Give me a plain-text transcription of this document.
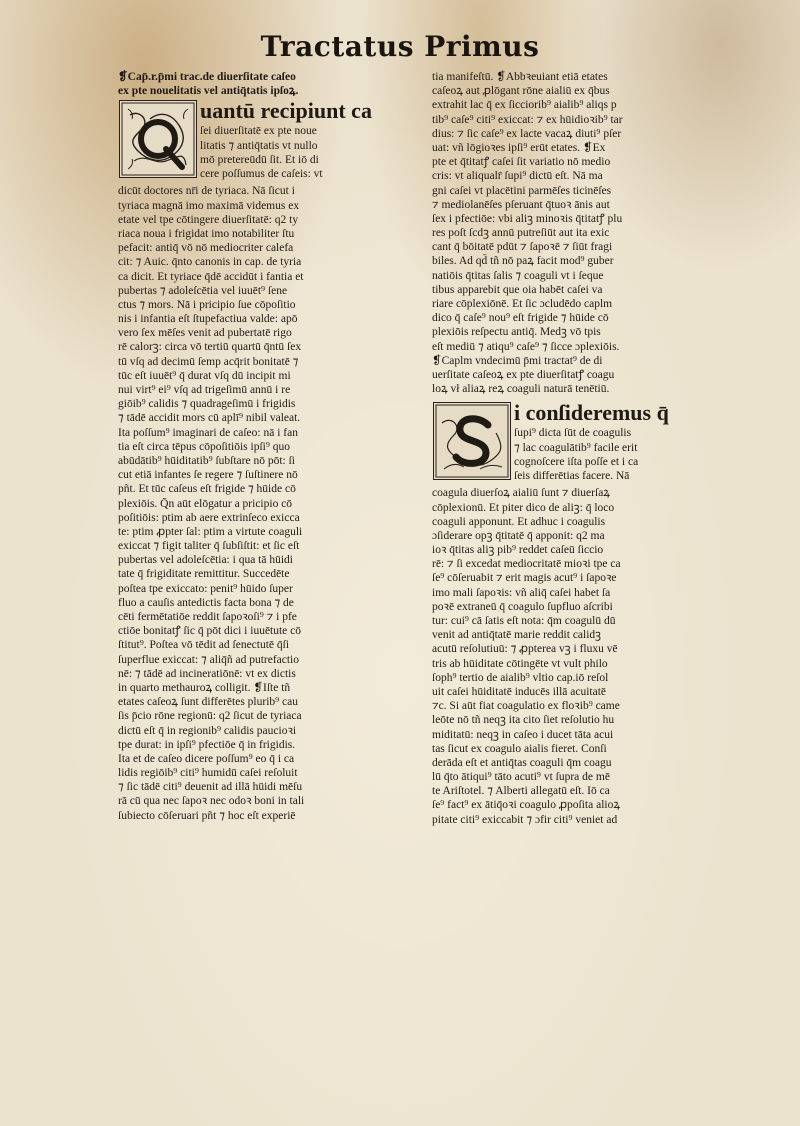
Tractatus Primus
❡Cap̄.r.p̄mi trac.de diuerſitate caſeo
ex pte nouelitatis vel antiq̄tatis ipſoꝝ.
uantū recipiunt ca
ſei diuerſitatē ex pte noue
litatis ⁊ antiq̄tatis vt nullo
mō pretereūdū ſit. Et iō di
cere poſſumus de caſeis: vt
dicūt doctores nr̄i de tyriaca. Nā ſicut i
tyriaca magnā imo maximā videmus ex
etate vel tpe cōtingere diuerſitatē: q2 ty
riaca noua i frigidat imo notabiliter ſtu
pefacit: antiq̄ vō nō mediocriter calefa
cit: ⁊ Auic. q̄nto canonis in cap. de tyria
ca dicit. Et tyriace q̄dē accidūt i fantia et
pubertas ⁊ adoleſcētia vel iuuēt⁹ ſene
ctus ⁊ mors. Nā i pricipio ſue cōpoſitio
nis i infantia eſt ſtupefactiua valde: apō
vero ſex mēſes venit ad pubertatē rigo
rē calorꝫ: circa vō tertiū quartū q̄ntū ſex
tū vſq ad decimū ſemp acq̄rit bonitatē ⁊
tūc eſt iuuēt⁹ q̄ durat vſq dū incipit mi
nui virt⁹ ei⁹ vſq ad trigeſimū annū i re
giōib⁹ calidis ⁊ quadrageſimū i frigidis
⁊ tādē accidit mors cū aplī⁹ nibil valeat.
Ita poſſum⁹ imaginari de caſeo: nā i fan
tia eſt circa tēpus cōpoſitiōis ipſi⁹ quo
abūdātib⁹ hūiditatib⁹ ſubſtare nō pōt: ſi
cut etiā infantes ſe regere ⁊ ſuſtinere nō
pñt. Et tūc caſeus eſt frigide ⁊ hūide cō
plexiōis. Q̄n aūt elōgatur a pricipio cō
poſitiōis: ptim ab aere extrinſeco exicca
te: ptim ꝓpter ſal: ptim a virtute coaguli
exiccat ⁊ figit taliter q̄ ſubſiſtit: et ſic eſt
pubertas vel adoleſcētia: i qua tā hūidi
tate q̄ frigiditate remittitur. Succedēte
poſtea tpe exiccato: penit⁹ hūido ſuper
fluo a cauſis antedictis facta bona ⁊ de
cēti fermētatiōe reddit ſapoꝛoſi⁹ ⁊ i pfe
ctiōe bonitatꝭ ſic q̄ pōt dici i iuuētute cō
ſtitut⁹. Poſtea vō tēdit ad ſenectutē q̄ſi
ſuperflue exiccat: ⁊ aliq̄ñ ad putrefactio
nē: ⁊ tādē ad incineratiōnē: vt ex dictis
in quarto methauroꝝ colligit. ❡Iſte tñ
etates caſeoꝝ ſunt differētes plurib⁹ cau
ſis p̄cio rōne regionū: q2 ſicut de tyriaca
dictū eſt q̄ in regionib⁹ calidis paucioꝛi
tpe durat: in ipſi⁹ pfectiōe q̄ in frigidis.
Ita et de caſeo dicere poſſum⁹ eo q̄ i ca
lidis regiōib⁹ citi⁹ humidū caſei reſoluit
⁊ ſic tādē citi⁹ deuenit ad illā hūidi mēſu
rā cū qua nec ſapoꝛ nec odoꝛ boni in tali
ſubiecto cōſeruari pñt ⁊ hoc eſt experiē
tia manifeſtū. ❡Abbꝛeuiant etiā etates
caſeoꝝ aut ꝓlōgant rōne aialiū ex q̄bus
extrahit lac q̄ ex ſicciorib⁹ aialib⁹ aliqs p
tib⁹ caſe⁹ citi⁹ exiccat: ⁊ ex hūidioꝛib⁹ tar
dius: ⁊ ſic caſe⁹ ex lacte vacaꝝ diuti⁹ pſer
uat: vñ lōgioꝛes ipſi⁹ erūt etates. ❡Ex
pte et q̄titatꝭ caſei ſit variatio nō medio
cris: vt aliqualr̄ ſupi⁹ dictū eſt. Nā ma
gni caſei vt placētini parmēſes ticinēſes
⁊ mediolanēſes pſeruant q̄tuoꝛ ānis aut
ſex i pfectiōe: vbi aliꝫ minoꝛis q̄titatꝭ plu
res poſt ſcdꝫ annū putreſiūt aut ita exic
cant q̄ bōitatē pdūt ⁊ ſapoꝛē ⁊ ſiūt fragi
biles. Ad qd̄ tñ nō paꝝ facit mod⁹ guber
natiōis q̄titas ſalis ⁊ coaguli vt i ſeque
tibus apparebit que oia habēt caſei va
riare cōplexiōnē. Et ſic ɔcludēdo caplm
dico q̄ caſe⁹ nou⁹ eſt frigide ⁊ hūide cō
plexiōis reſpectu antiq̄. Medꝫ vō tpis
eſt mediū ⁊ atiqu⁹ caſe⁹ ⁊ ſicce ɔplexiōis.
❡Caplm vndecimū p̄mi tractat⁹ de di
uerſitate caſeoꝝ ex pte diuerſitatꝭ coagu
loꝝ vł aliaꝝ reꝝ coaguli naturā tenētiū.
i conſideremus q̄
ſupi⁹ dicta ſūt de coagulis
⁊ lac coagulātib⁹ facile erit
cognoſcere iſta poſſe et i ca
ſeis differētias facere. Nā
coagula diuerſoꝝ aialiū ſunt ⁊ diuerſaꝝ
cōplexionū. Et piter dico de aliꝫ: q̄ loco
coaguli apponunt. Et adhuc i coagulis
ɔſiderare opꝫ q̄titatē q̄ apponit: q2 ma
ioꝛ q̄titas aliꝫ pib⁹ reddet caſeū ſiccio
rē: ⁊ ſi excedat mediocritatē mioꝛi tpe ca
ſe⁹ cōſeruabit ⁊ erit magis acut⁹ i ſapoꝛe
imo mali ſapoꝛis: vñ aliq̄ caſei habet ſa
poꝛē extraneū q̄ coagulo ſupfluo aſcribi
tur: cui⁹ cā ſatis eſt nota: q̄m coagulū dū
venit ad antiq̄tatē marie reddit calidꝫ
acutū reſolutiuū: ⁊ ꝓpterea vꝫ i fluxu vē
tris ab hūiditate cōtingēte vt vult philo
ſoph⁹ tertio de aialib⁹ vltio cap.iō reſol
uit caſei hūiditatē inducēs illā acuitatē
⁊c. Si aūt fiat coagulatio ex floꝛib⁹ came
leōte nō tñ neqꝫ ita cito ſiet reſolutio hu
miditatū: neqꝫ in caſeo i ducet tāta acui
tas ſicut ex coagulo aialis fieret. Conſi
derāda eſt et antiq̄tas coaguli q̄m coagu
lū q̄to ātiqui⁹ tāto acuti⁹ vt ſupra de mē
te Ariſtotel. ⁊ Alberti allegatū eſt. Iō ca
ſe⁹ fact⁹ ex ātiq̄oꝛi coagulo ꝓpoſita alioꝝ
pitate citi⁹ exiccabit ⁊ ɔfir citi⁹ veniet ad
